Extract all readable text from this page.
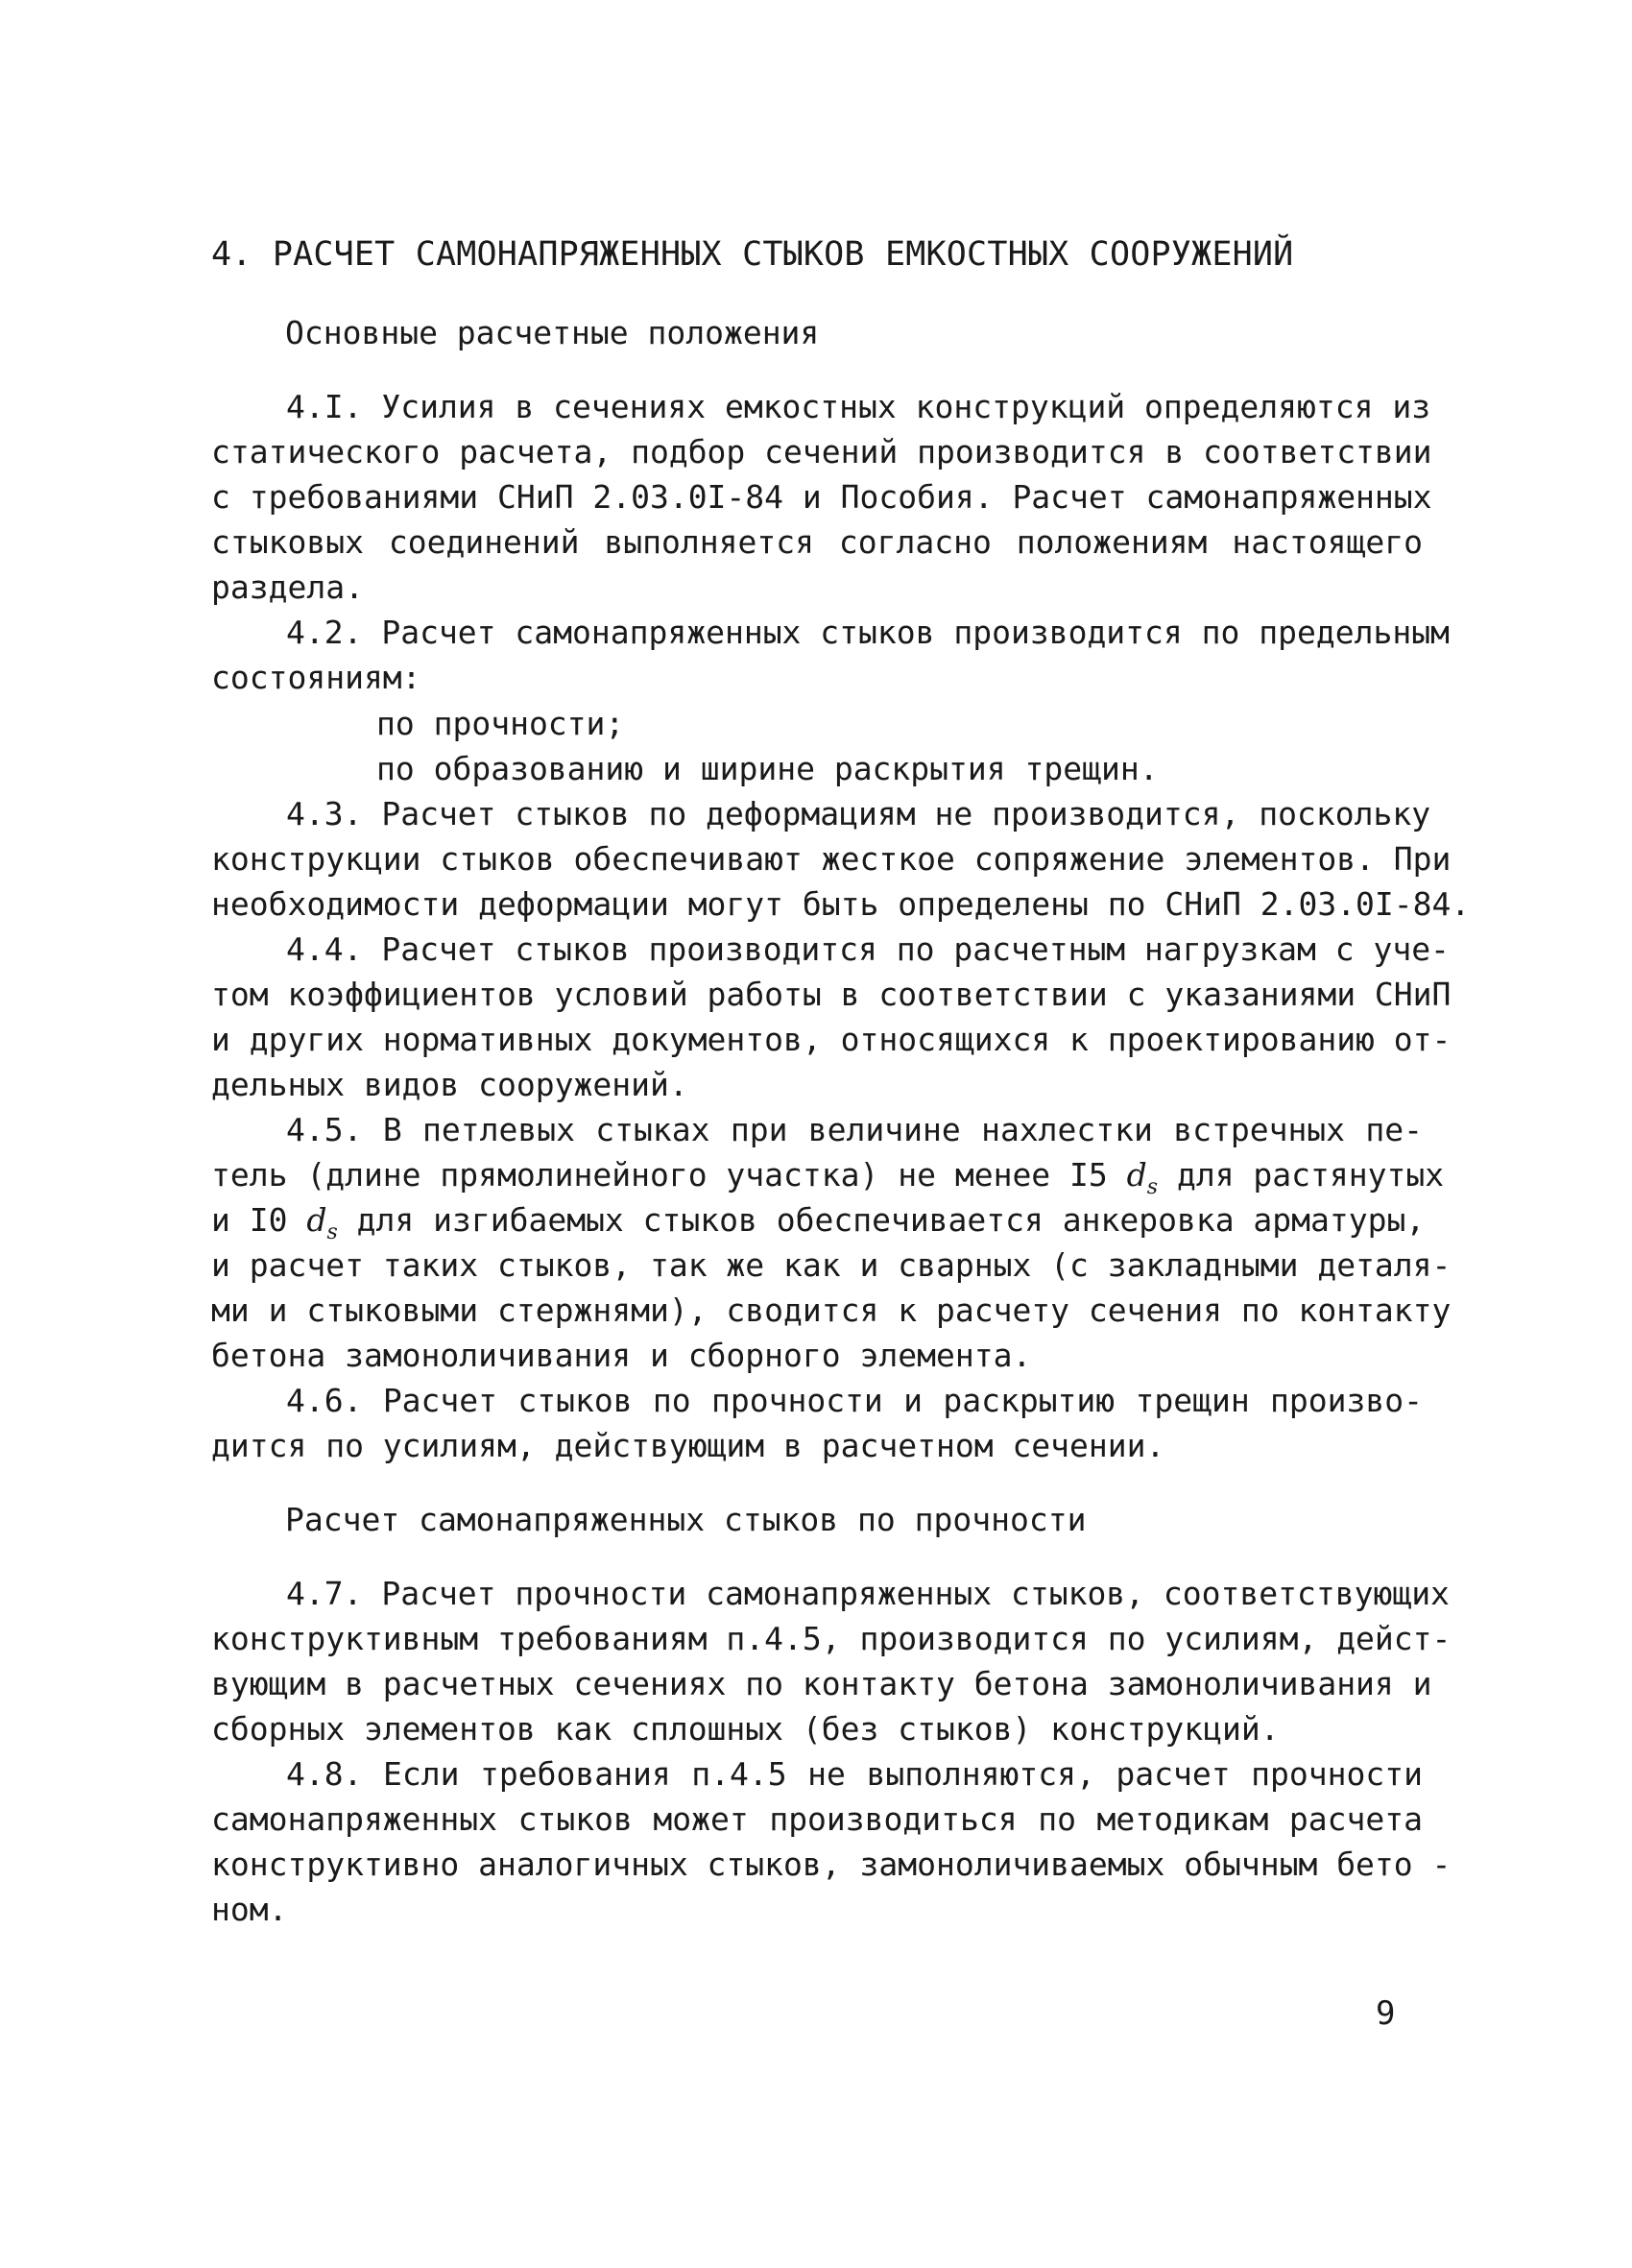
4. РАСЧЕТ САМОНАПРЯЖЕННЫХ СТЫКОВ ЕМКОСТНЫХ СООРУЖЕНИЙ
Основные расчетные положения
4.I. Усилия в сечениях емкостных конструкций определяются из
статического расчета, подбор сечений производится в соответствии
с требованиями СНиП 2.03.0I-84 и Пособия. Расчет самонапряженных
стыковых соединений выполняется согласно положениям настоящего
раздела.
4.2. Расчет самонапряженных стыков производится по предельным
состояниям:
по прочности;
по образованию и ширине раскрытия трещин.
4.3. Расчет стыков по деформациям не производится, поскольку
конструкции стыков обеспечивают жесткое сопряжение элементов. При
необходимости деформации могут быть определены по СНиП 2.03.0I-84.
4.4. Расчет стыков производится по расчетным нагрузкам с уче-
том коэффициентов условий работы в соответствии с указаниями СНиП
и других нормативных документов, относящихся к проектированию от-
дельных видов сооружений.
4.5. В петлевых стыках при величине нахлестки встречных пе-
тель (длине прямолинейного участка) не менее I5 $d_s$ для растянутых
и I0 $d_s$ для изгибаемых стыков обеспечивается анкеровка арматуры,
и расчет таких стыков, так же как и сварных (с закладными деталя-
ми и стыковыми стержнями), сводится к расчету сечения по контакту
бетона замоноличивания и сборного элемента.
4.6. Расчет стыков по прочности и раскрытию трещин произво-
дится по усилиям, действующим в расчетном сечении.
Расчет самонапряженных стыков по прочности
4.7. Расчет прочности самонапряженных стыков, соответствующих
конструктивным требованиям п.4.5, производится по усилиям, дейст-
вующим в расчетных сечениях по контакту бетона замоноличивания и
сборных элементов как сплошных (без стыков) конструкций.
4.8. Если требования п.4.5 не выполняются, расчет прочности
самонапряженных стыков может производиться по методикам расчета
конструктивно аналогичных стыков, замоноличиваемых обычным бето -
ном.
9
